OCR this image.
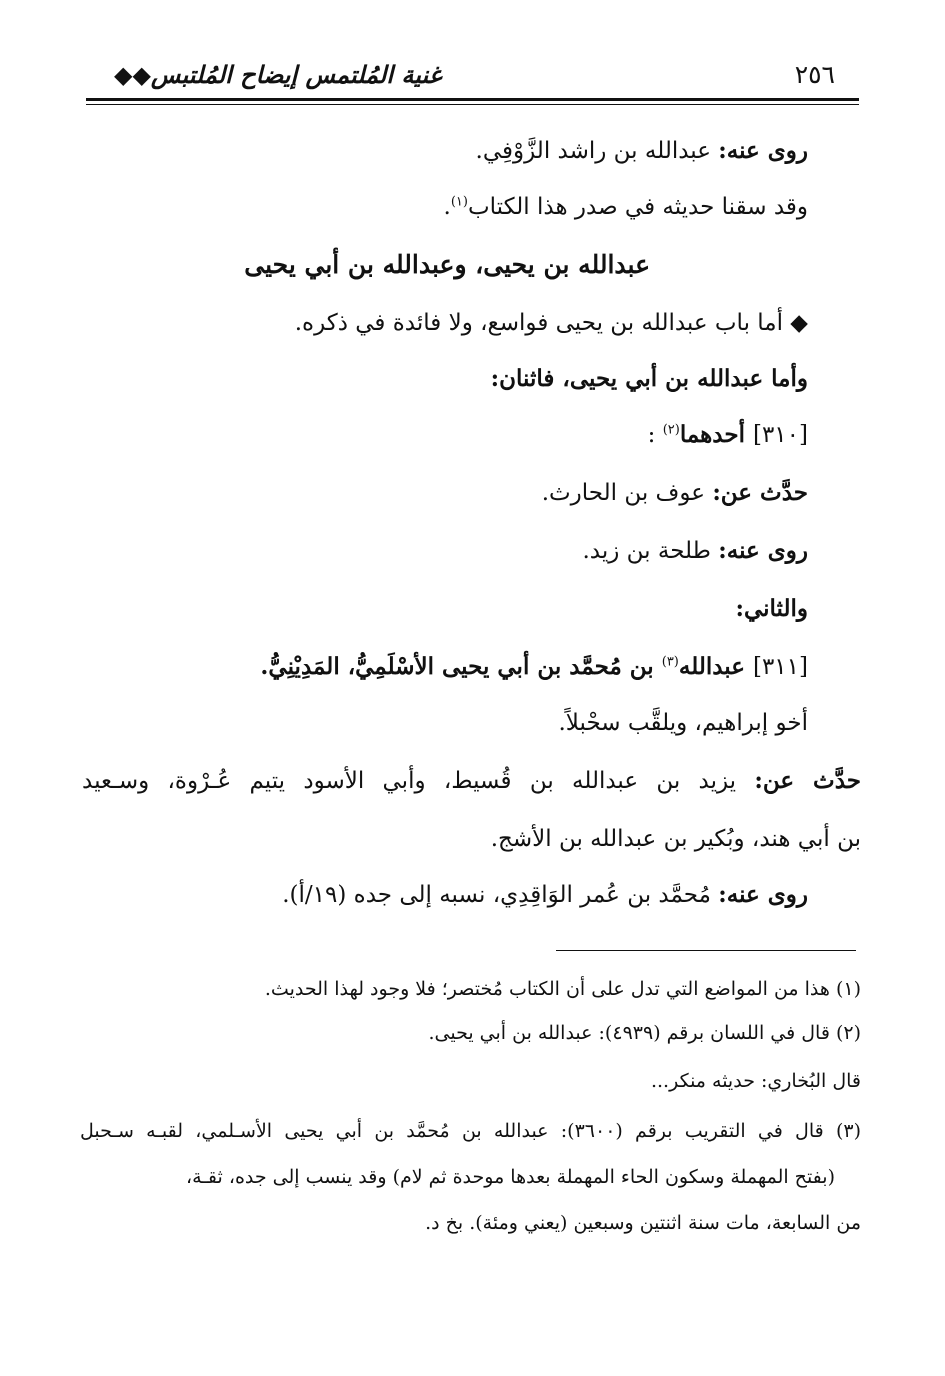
٢٥٦
غنية المُلتمس إيضاح المُلتبس◆◆
روى عنه: عبدالله بن راشد الزَّوْفِي.
وقد سقنا حديثه في صدر هذا الكتاب$^{(١)}$.
عبدالله بن يحيى، وعبدالله بن أبي يحيى
◆ أما باب عبدالله بن يحيى فواسع، ولا فائدة في ذكره.
وأما عبدالله بن أبي يحيى، فاثنان:
[٣١٠] أحدهما$^{(٢)}$ :
حدَّث عن: عوف بن الحارث.
روى عنه: طلحة بن زيد.
والثاني:
[٣١١] عبدالله$^{(٣)}$ بن مُحمَّد بن أبي يحيى الأسْلَمِيُّ، المَدِيْنِيُّ.
أخو إبراهيم، ويلقَّب سحْبلاً.
حدَّث عن: يزيد بن عبدالله بن قُسيط، وأبي الأسود يتيم عُـرْوة، وسـعيد
بن أبي هند، وبُكير بن عبدالله بن الأشج.
روى عنه: مُحمَّد بن عُمر الوَاقِدِي، نسبه إلى جده (١٩/أ).
(١) هذا من المواضع التي تدل على أن الكتاب مُختصر؛ فلا وجود لهذا الحديث.
(٢) قال في اللسان برقم (٤٩٣٩): عبدالله بن أبي يحيى.
قال البُخاري: حديثه منكر...
(٣) قال في التقريب برقم (٣٦٠٠): عبدالله بن مُحمَّد بن أبي يحيى الأسـلمي، لقبـه سـحبل
(بفتح المهملة وسكون الحاء المهملة بعدها موحدة ثم لام) وقد ينسب إلى جده، ثقـة،
من السابعة، مات سنة اثنتين وسبعين (يعني ومئة). بخ د.
